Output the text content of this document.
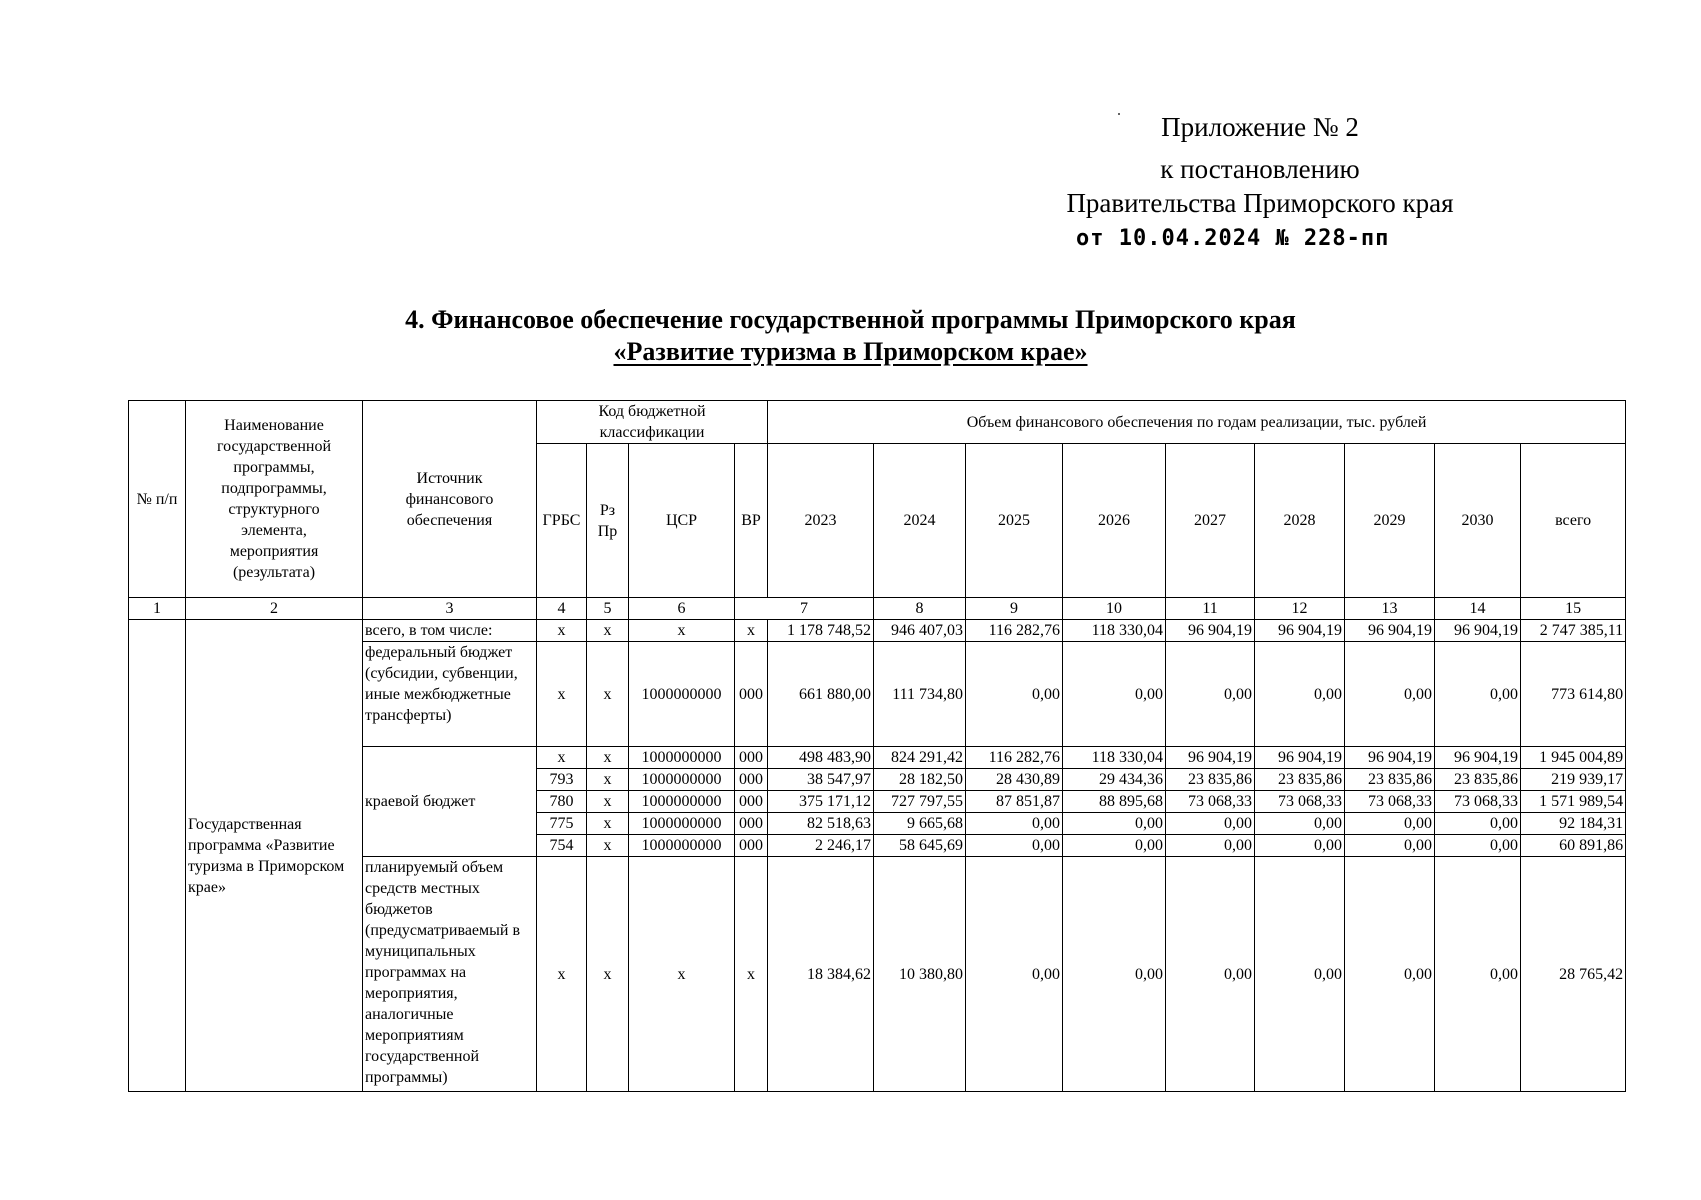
Приложение № 2
к постановлению
Правительства Приморского края
от 10.04.2024 № 228-пп
4. Финансовое обеспечение государственной программы Приморского края
«Развитие туризма в Приморском крае»
№ п/п	Наименование государственной программы, подпрограммы, структурного элемента, мероприятия (результата)	Источник финансового обеспечения	Код бюджетной классификации				Объем финансового обеспечения по годам реализации, тыс. рублей								
			ГРБС	Рз Пр	ЦСР	ВР	2023	2024	2025	2026	2027	2028	2029	2030	всего
1	2	3	4	5	6	7		8	9	10	11	12	13	14	15
	Государственная программа «Развитие туризма в Приморском крае»	всего, в том числе:	x	x	x	x	1 178 748,52	946 407,03	116 282,76	118 330,04	96 904,19	96 904,19	96 904,19	96 904,19	2 747 385,11
		федеральный бюджет (субсидии, субвенции, иные межбюджетные трансферты)	x	x	1000000000	000	661 880,00	111 734,80	0,00	0,00	0,00	0,00	0,00	0,00	773 614,80
		краевой бюджет	x	x	1000000000	000	498 483,90	824 291,42	116 282,76	118 330,04	96 904,19	96 904,19	96 904,19	96 904,19	1 945 004,89
			793	x	1000000000	000	38 547,97	28 182,50	28 430,89	29 434,36	23 835,86	23 835,86	23 835,86	23 835,86	219 939,17
			780	x	1000000000	000	375 171,12	727 797,55	87 851,87	88 895,68	73 068,33	73 068,33	73 068,33	73 068,33	1 571 989,54
			775	x	1000000000	000	82 518,63	9 665,68	0,00	0,00	0,00	0,00	0,00	0,00	92 184,31
			754	x	1000000000	000	2 246,17	58 645,69	0,00	0,00	0,00	0,00	0,00	0,00	60 891,86
		планируемый объем средств местных бюджетов (предусматриваемый в муниципальных программах на мероприятия, аналогичные мероприятиям государственной программы)	x	x	x	x	18 384,62	10 380,80	0,00	0,00	0,00	0,00	0,00	0,00	28 765,42
